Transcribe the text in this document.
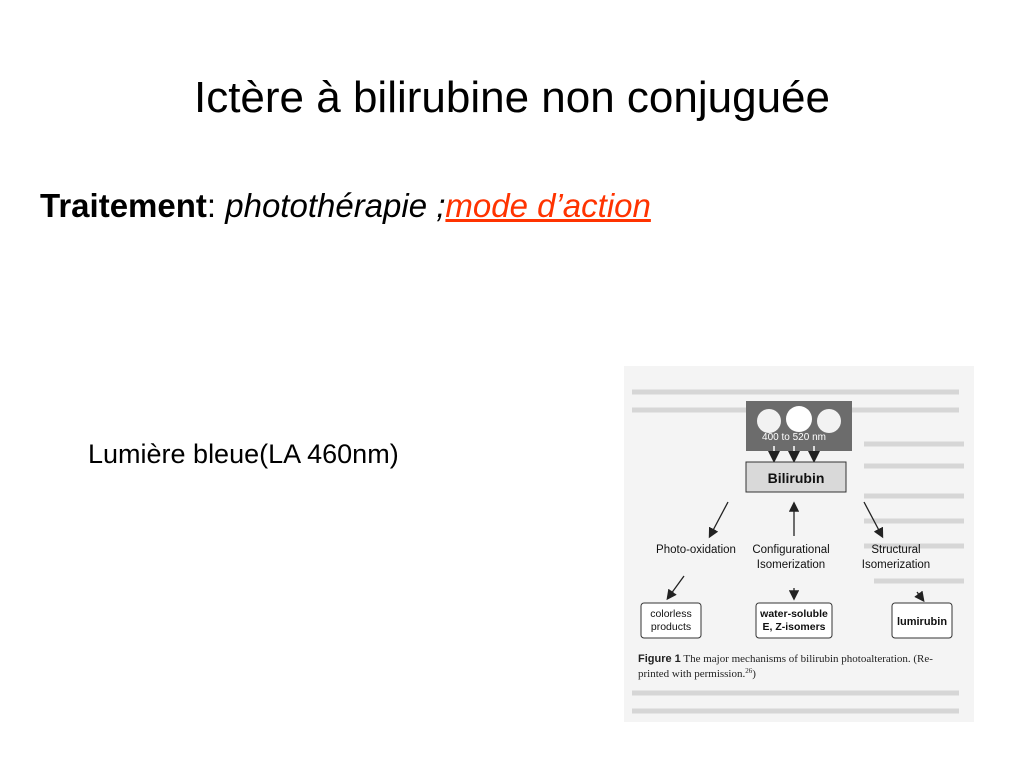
Ictère à bilirubine non conjuguée
Traitement: photothérapie ;mode d’action
Lumière bleue(LA 460nm)
400 to 520 nm
Bilirubin
Photo-oxidation Configurational Isomerization
Structural Isomerization
colorless products
water-soluble E, Z-isomers	lumirubin
Figure 1 The major mechanisms of bilirubin photoalteration. (Re- printed with permission.$^{26}$)
